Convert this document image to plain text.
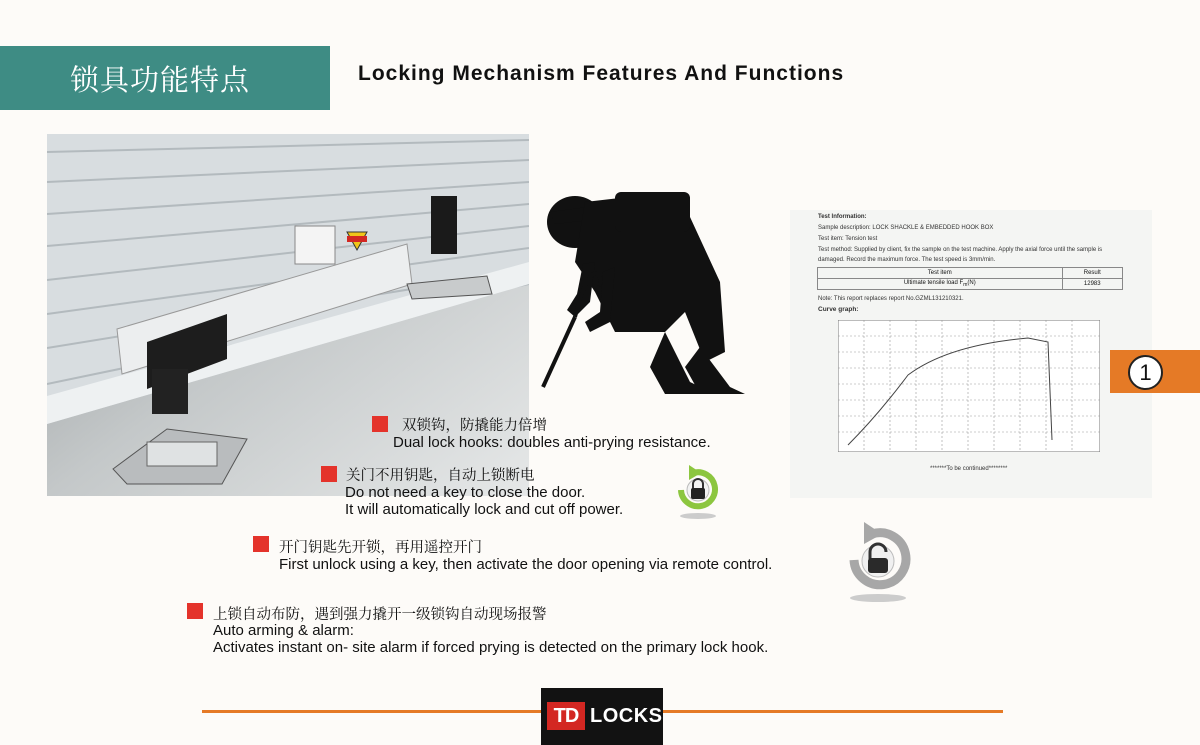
锁具功能特点	Locking Mechanism Features And Functions
Test Information:
Sample description: LOCK SHACKLE & EMBEDDED HOOK BOX
Test item: Tension test
Test method: Supplied by client, fix the sample on the test machine. Apply the axial force until the sample is
damaged. Record the maximum force. The test speed is 3mm/min.
Test item	Result
Ultimate tensile load $F_m(N)$	12983
Note: This report replaces report No.GZML131210321.
Curve graph:
*******To be continued********
1
双锁钩，防撬能力倍增
Dual lock hooks: doubles anti-prying resistance.
关门不用钥匙，自动上锁断电
Do not need a key to close the door.
It will automatically lock and cut off power.
开门钥匙先开锁，再用遥控开门
First unlock using a key, then activate the door opening via remote control.
上锁自动布防，遇到强力撬开一级锁钩自动现场报警
Auto arming & alarm:
Activates instant on- site alarm if forced prying is detected on the primary lock hook.
TD LOCKS
